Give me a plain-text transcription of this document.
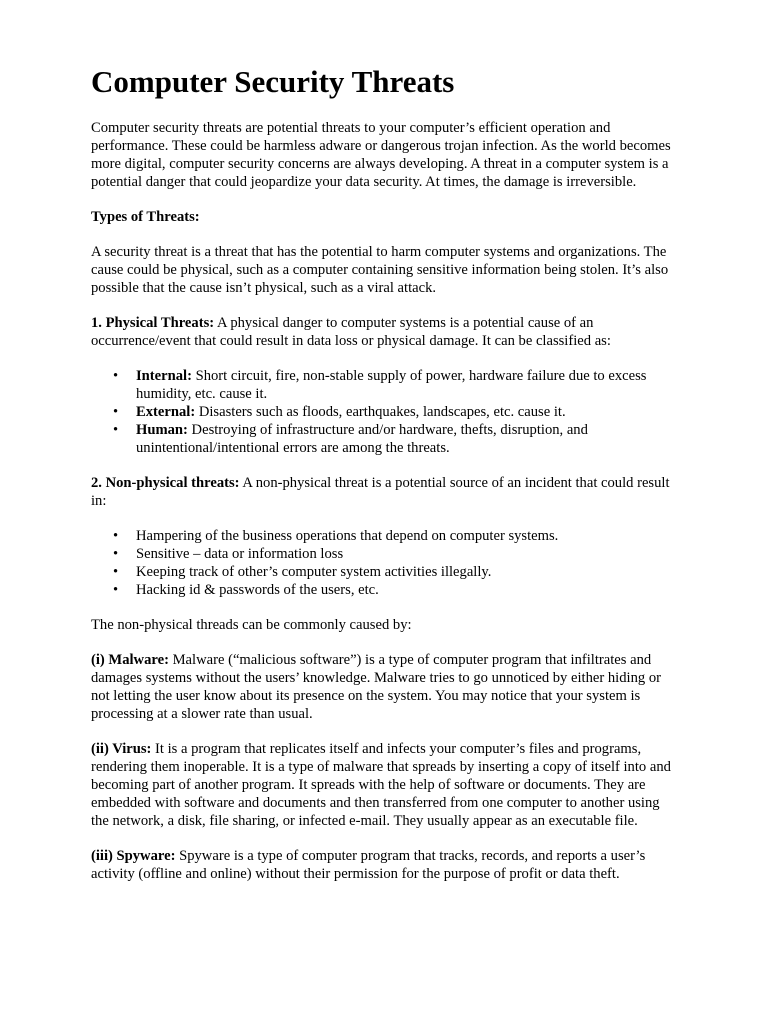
Computer Security Threats

Computer security threats are potential threats to your computer’s efficient operation and performance. These could be harmless adware or dangerous trojan infection. As the world becomes more digital, computer security concerns are always developing. A threat in a computer system is a potential danger that could jeopardize your data security. At times, the damage is irreversible.

Types of Threats:

A security threat is a threat that has the potential to harm computer systems and organizations. The cause could be physical, such as a computer containing sensitive information being stolen. It’s also possible that the cause isn’t physical, such as a viral attack.

1. Physical Threats: A physical danger to computer systems is a potential cause of an occurrence/event that could result in data loss or physical damage. It can be classified as:

• Internal: Short circuit, fire, non-stable supply of power, hardware failure due to excess humidity, etc. cause it.
• External: Disasters such as floods, earthquakes, landscapes, etc. cause it.
• Human: Destroying of infrastructure and/or hardware, thefts, disruption, and unintentional/intentional errors are among the threats.

2. Non-physical threats: A non-physical threat is a potential source of an incident that could result in:

• Hampering of the business operations that depend on computer systems.
• Sensitive – data or information loss
• Keeping track of other’s computer system activities illegally.
• Hacking id & passwords of the users, etc.

The non-physical threads can be commonly caused by:

(i) Malware: Malware (“malicious software”) is a type of computer program that infiltrates and damages systems without the users’ knowledge. Malware tries to go unnoticed by either hiding or not letting the user know about its presence on the system. You may notice that your system is processing at a slower rate than usual.

(ii) Virus: It is a program that replicates itself and infects your computer’s files and programs, rendering them inoperable. It is a type of malware that spreads by inserting a copy of itself into and becoming part of another program. It spreads with the help of software or documents. They are embedded with software and documents and then transferred from one computer to another using the network, a disk, file sharing, or infected e-mail. They usually appear as an executable file.

(iii) Spyware: Spyware is a type of computer program that tracks, records, and reports a user’s activity (offline and online) without their permission for the purpose of profit or data theft.
